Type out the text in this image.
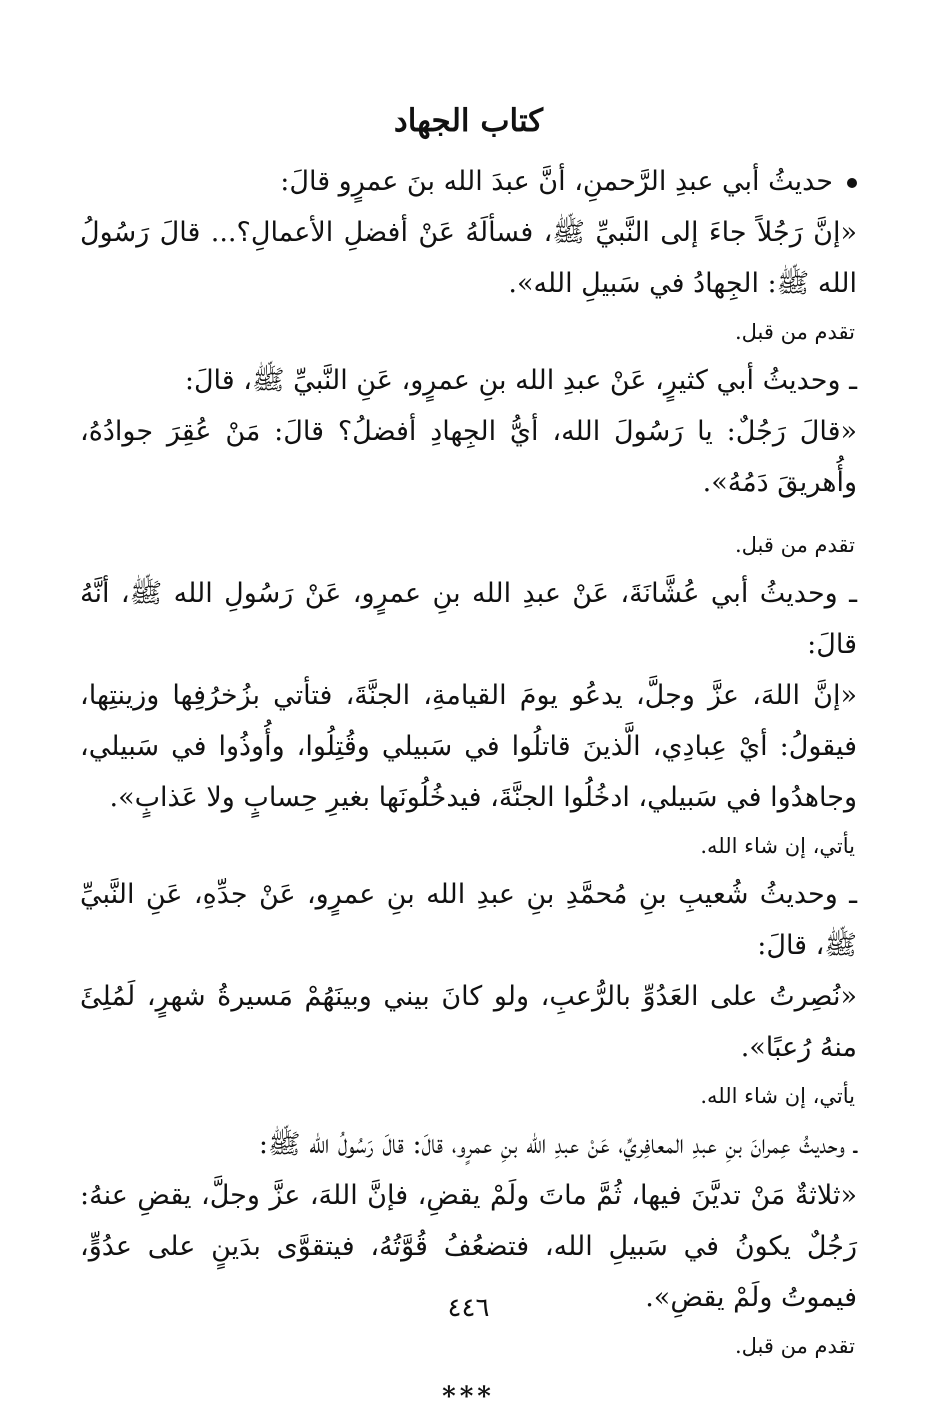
كتاب الجهاد
حديثُ أبي عبدِ الرَّحمنِ، أنَّ عبدَ الله بنَ عمرٍو قالَ:
«إنَّ رَجُلاً جاءَ إلى النَّبيِّ ﷺ، فسألَهُ عَنْ أفضلِ الأعمالِ؟... قالَ رَسُولُ الله ﷺ: الجِهادُ في سَبيلِ الله».
تقدم من قبل.
ـ وحديثُ أبي كثيرٍ، عَنْ عبدِ الله بنِ عمرٍو، عَنِ النَّبيِّ ﷺ، قالَ:
«قالَ رَجُلٌ: يا رَسُولَ الله، أيُّ الجِهادِ أفضلُ؟ قالَ: مَنْ عُقِرَ جوادُهُ، وأُهريقَ دَمُهُ».
تقدم من قبل.
ـ وحديثُ أبي عُشَّانَةَ، عَنْ عبدِ الله بنِ عمرٍو، عَنْ رَسُولِ الله ﷺ، أنَّهُ قالَ:
«إنَّ اللهَ، عزَّ وجلَّ، يدعُو يومَ القيامةِ، الجنَّةَ، فتأتي بزُخرُفِها وزينتِها، فيقولُ: أيْ عِبادِي، الَّذينَ قاتلُوا في سَبيلي وقُتِلُوا، وأُوذُوا في سَبيلي، وجاهدُوا في سَبيلي، ادخُلُوا الجنَّةَ، فيدخُلُونَها بغيرِ حِسابٍ ولا عَذابٍ».
يأتي، إن شاء الله.
ـ وحديثُ شُعيبِ بنِ مُحمَّدِ بنِ عبدِ الله بنِ عمرٍو، عَنْ جدِّهِ، عَنِ النَّبيِّ ﷺ، قالَ:
«نُصِرتُ على العَدُوِّ بالرُّعبِ، ولو كانَ بيني وبينَهُمْ مَسيرةُ شهرٍ، لَمُلِئَ منهُ رُعبًا».
يأتي، إن شاء الله.
ـ وحديثُ عِمرانَ بنِ عبدِ المعافِريِّ، عَنْ عبدِ الله بنِ عمرٍو، قالَ: قالَ رَسُولُ الله ﷺ:
«ثلاثةٌ مَنْ تديَّنَ فيها، ثُمَّ ماتَ ولَمْ يقضِ، فإنَّ اللهَ، عزَّ وجلَّ، يقضِ عنهُ: رَجُلٌ يكونُ في سَبيلِ الله، فتضعُفُ قُوَّتُهُ، فيتقوَّى بدَينٍ على عدُوٍّ، فيموتُ ولَمْ يقضِ».
تقدم من قبل.
***
٤٤٦
